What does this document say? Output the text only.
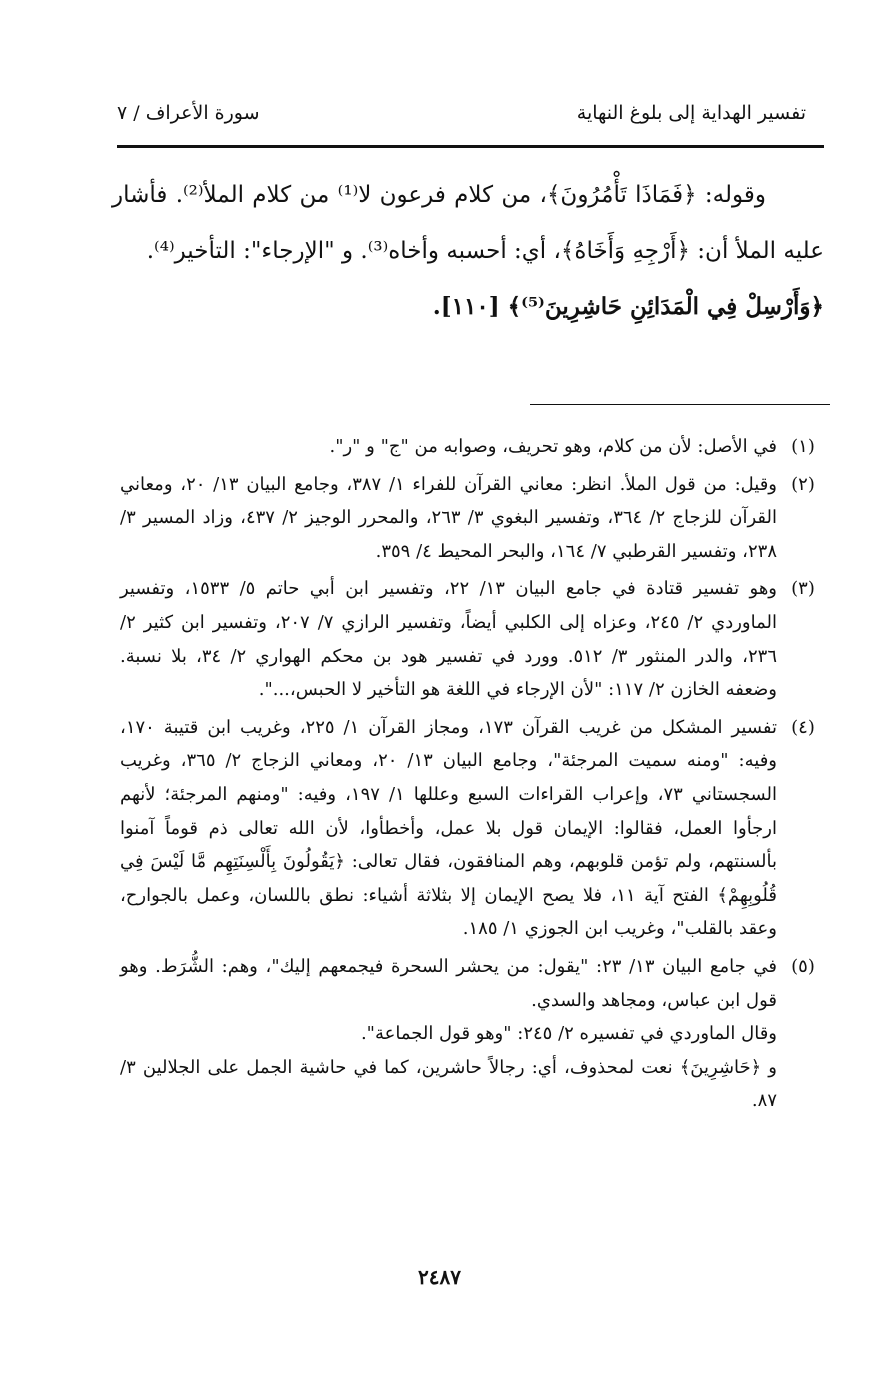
تفسير الهداية إلى بلوغ النهاية
سورة الأعراف / ٧

وقوله: ﴿فَمَاذَا تَأْمُرُونَ﴾، من كلام فرعون لا⁽¹⁾ من كلام الملأ⁽²⁾. فأشار عليه الملأ أن: ﴿أَرْجِهِ وَأَخَاهُ﴾، أي: أحسبه وأخاه⁽³⁾. و "الإرجاء": التأخير⁽⁴⁾.

﴿وَأَرْسِلْ فِي الْمَدَائِنِ حَاشِرِينَ⁽⁵⁾﴾ [١١٠].

(١)

في الأصل: لأن من كلام، وهو تحريف، وصوابه من "ج" و "ر".

(٢)

وقيل: من قول الملأ. انظر: معاني القرآن للفراء ١/ ٣٨٧، وجامع البيان ١٣/ ٢٠، ومعاني القرآن للزجاج ٢/ ٣٦٤، وتفسير البغوي ٣/ ٢٦٣، والمحرر الوجيز ٢/ ٤٣٧، وزاد المسير ٣/ ٢٣٨، وتفسير القرطبي ٧/ ١٦٤، والبحر المحيط ٤/ ٣٥٩.

(٣)

وهو تفسير قتادة في جامع البيان ١٣/ ٢٢، وتفسير ابن أبي حاتم ٥/ ١٥٣٣، وتفسير الماوردي ٢/ ٢٤٥، وعزاه إلى الكلبي أيضاً، وتفسير الرازي ٧/ ٢٠٧، وتفسير ابن كثير ٢/ ٢٣٦، والدر المنثور ٣/ ٥١٢. وورد في تفسير هود بن محكم الهواري ٢/ ٣٤، بلا نسبة. وضعفه الخازن ٢/ ١١٧: "لأن الإرجاء في اللغة هو التأخير لا الحبس،...".

(٤)

تفسير المشكل من غريب القرآن ١٧٣، ومجاز القرآن ١/ ٢٢٥، وغريب ابن قتيبة ١٧٠، وفيه: "ومنه سميت المرجئة"، وجامع البيان ١٣/ ٢٠، ومعاني الزجاج ٢/ ٣٦٥، وغريب السجستاني ٧٣، وإعراب القراءات السبع وعللها ١/ ١٩٧، وفيه: "ومنهم المرجئة؛ لأنهم ارجأوا العمل، فقالوا: الإيمان قول بلا عمل، وأخطأوا، لأن الله تعالى ذم قوماً آمنوا بألسنتهم، ولم تؤمن قلوبهم، وهم المنافقون، فقال تعالى: ﴿يَقُولُونَ بِأَلْسِنَتِهِم مَّا لَيْسَ فِي قُلُوبِهِمْ﴾ الفتح آية ١١، فلا يصح الإيمان إلا بثلاثة أشياء: نطق باللسان، وعمل بالجوارح، وعقد بالقلب"، وغريب ابن الجوزي ١/ ١٨٥.

(٥)

في جامع البيان ١٣/ ٢٣: "يقول: من يحشر السحرة فيجمعهم إليك"، وهم: الشُّرَط. وهو قول ابن عباس، ومجاهد والسدي.

وقال الماوردي في تفسيره ٢/ ٢٤٥: "وهو قول الجماعة".

و ﴿حَاشِرِينَ﴾ نعت لمحذوف، أي: رجالاً حاشرين، كما في حاشية الجمل على الجلالين ٣/ ٨٧.

٢٤٨٧
